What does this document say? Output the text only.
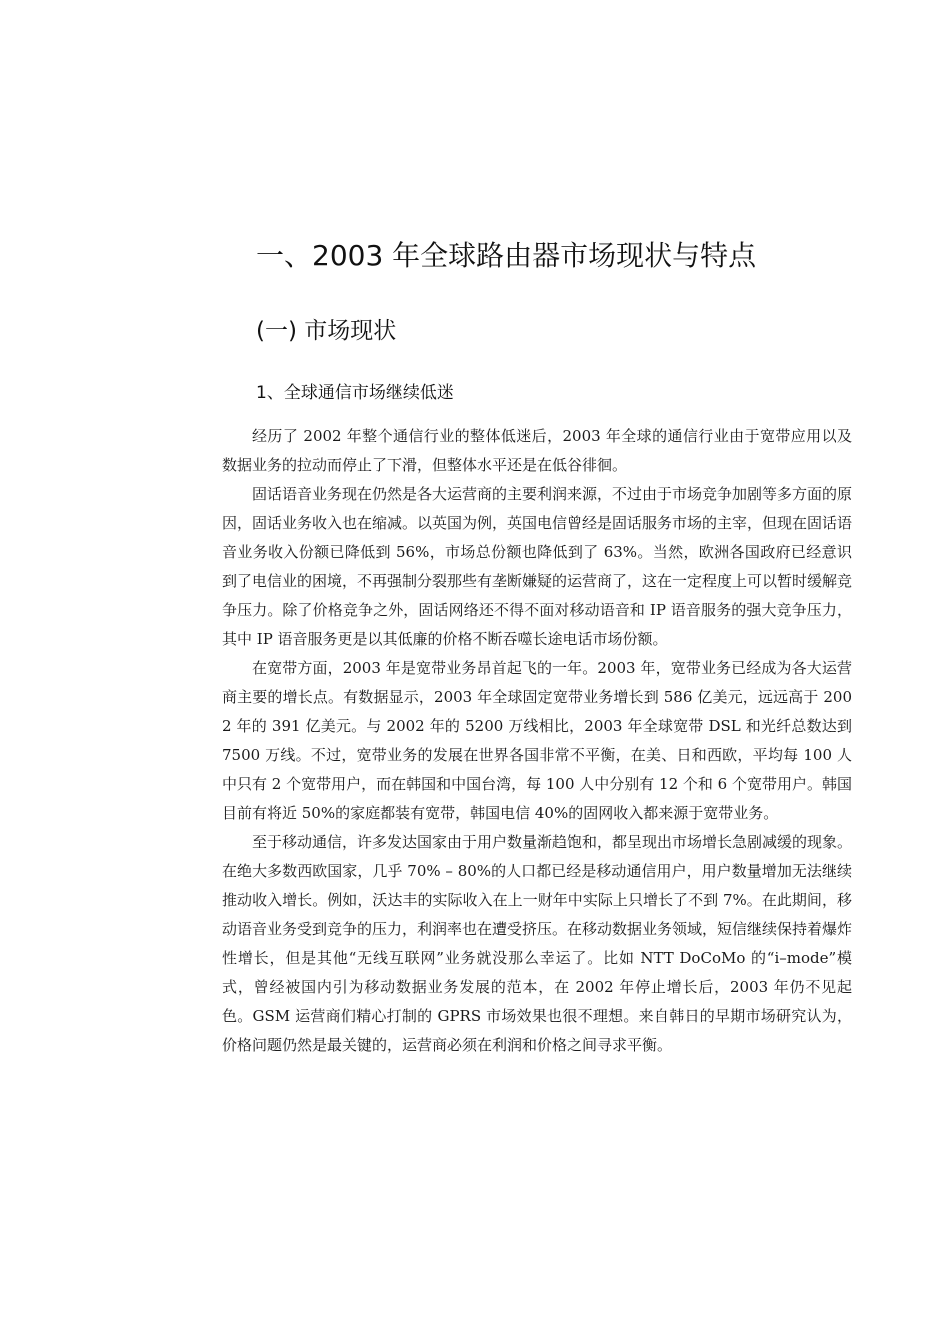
一、2003 年全球路由器市场现状与特点
(一) 市场现状
1、全球通信市场继续低迷

经历了 2002 年整个通信行业的整体低迷后，2003 年全球的通信行业由于宽带应用以及数据业务的拉动而停止了下滑，但整体水平还是在低谷徘徊。

固话语音业务现在仍然是各大运营商的主要利润来源，不过由于市场竞争加剧等多方面的原因，固话业务收入也在缩减。以英国为例，英国电信曾经是固话服务市场的主宰，但现在固话语音业务收入份额已降低到 56%，市场总份额也降低到了 63%。当然，欧洲各国政府已经意识到了电信业的困境，不再强制分裂那些有垄断嫌疑的运营商了，这在一定程度上可以暂时缓解竞争压力。除了价格竞争之外，固话网络还不得不面对移动语音和 IP 语音服务的强大竞争压力，其中 IP 语音服务更是以其低廉的价格不断吞噬长途电话市场份额。

在宽带方面，2003 年是宽带业务昂首起飞的一年。2003 年，宽带业务已经成为各大运营商主要的增长点。有数据显示，2003 年全球固定宽带业务增长到 586 亿美元，远远高于 2002 年的 391 亿美元。与 2002 年的 5200 万线相比，2003 年全球宽带 DSL 和光纤总数达到 7500 万线。不过，宽带业务的发展在世界各国非常不平衡，在美、日和西欧，平均每 100 人中只有 2 个宽带用户，而在韩国和中国台湾，每 100 人中分别有 12 个和 6 个宽带用户。韩国目前有将近 50%的家庭都装有宽带，韩国电信 40%的固网收入都来源于宽带业务。

至于移动通信，许多发达国家由于用户数量渐趋饱和，都呈现出市场增长急剧减缓的现象。在绝大多数西欧国家，几乎 70% – 80%的人口都已经是移动通信用户，用户数量增加无法继续推动收入增长。例如，沃达丰的实际收入在上一财年中实际上只增长了不到 7%。在此期间，移动语音业务受到竞争的压力，利润率也在遭受挤压。在移动数据业务领域，短信继续保持着爆炸性增长，但是其他“无线互联网”业务就没那么幸运了。比如 NTT DoCoMo 的“i–mode”模式，曾经被国内引为移动数据业务发展的范本，在 2002 年停止增长后，2003 年仍不见起色。GSM 运营商们精心打制的 GPRS 市场效果也很不理想。来自韩日的早期市场研究认为，价格问题仍然是最关键的，运营商必须在利润和价格之间寻求平衡。
